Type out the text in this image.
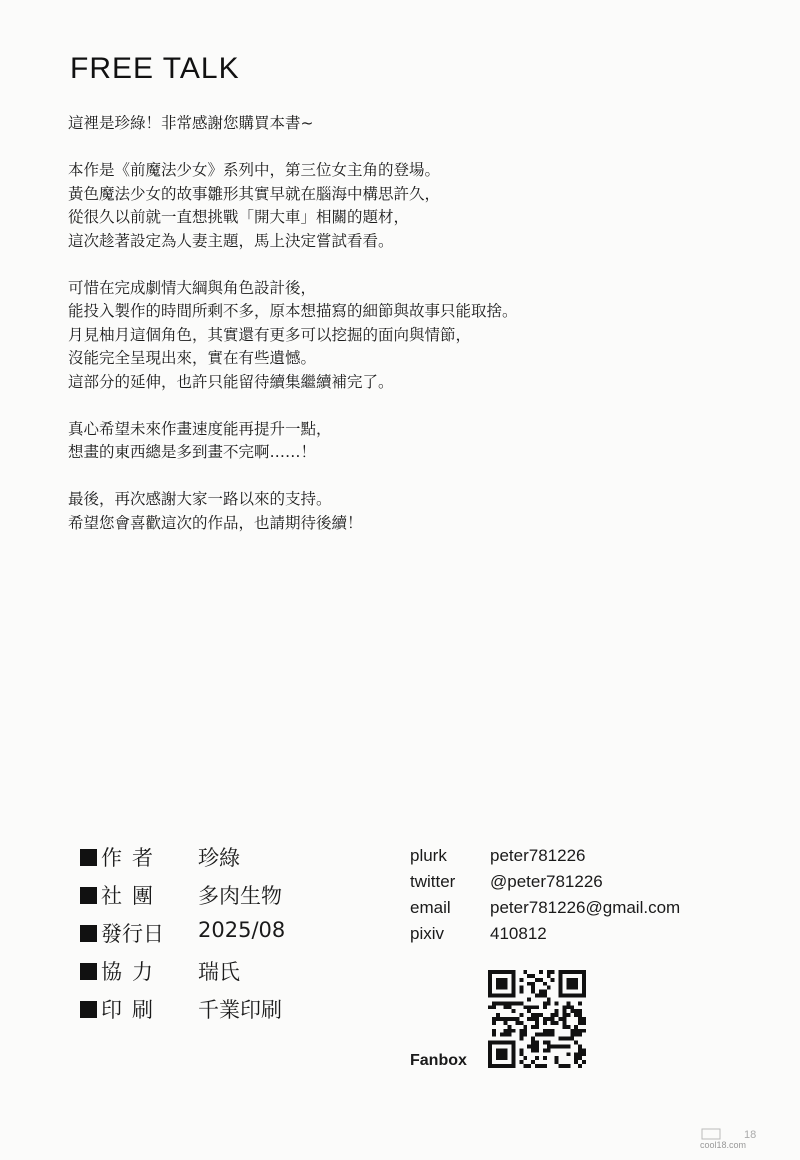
FREE TALK

這裡是珍綠！非常感謝您購買本書~

本作是《前魔法少女》系列中，第三位女主角的登場。
黃色魔法少女的故事雛形其實早就在腦海中構思許久，
從很久以前就一直想挑戰「開大車」相關的題材，
這次趁著設定為人妻主題，馬上決定嘗試看看。

可惜在完成劇情大綱與角色設計後，
能投入製作的時間所剩不多，原本想描寫的細節與故事只能取捨。
月見柚月這個角色，其實還有更多可以挖掘的面向與情節，
沒能完全呈現出來，實在有些遺憾。
這部分的延伸，也許只能留待續集繼續補完了。

真心希望未來作畫速度能再提升一點，
想畫的東西總是多到畫不完啊……！

最後，再次感謝大家一路以來的支持。
希望您會喜歡這次的作品，也請期待後續！

作者 珍綠
社團 多肉生物
發行日 2025/08
協力 瑞氏
印刷 千業印刷
plurk	peter781226
twitter @peter781226
email peter781226@gmail.com
pixiv	410812
Fanbox
18
cool18.com
